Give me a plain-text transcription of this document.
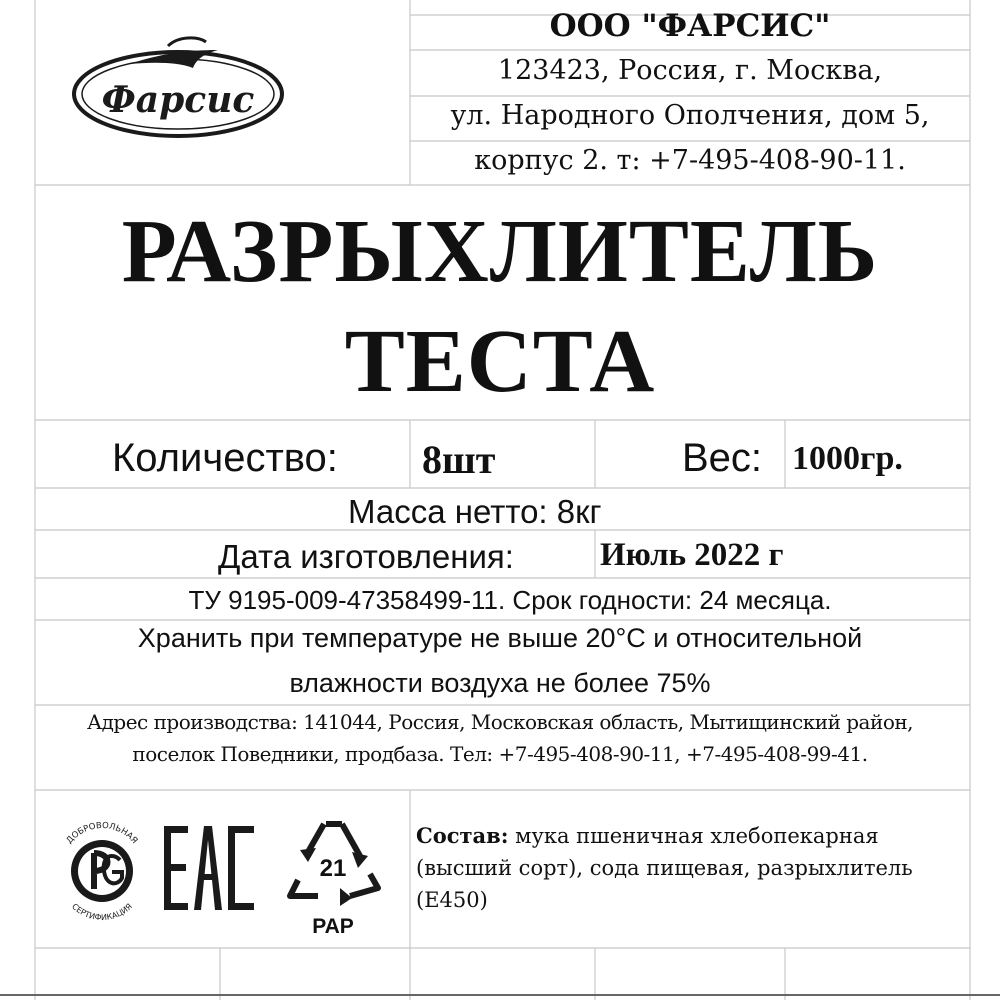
Фарсис
ООО "ФАРСИС"
123423, Россия, г. Москва,
ул. Народного Ополчения, дом 5,
корпус 2. т: +7-495-408-90-11.
РАЗРЫХЛИТЕЛЬ
ТЕСТА
Количество: 8шт	Вес: 1000гр.
Масса нетто: 8кг
Дата изготовления:	Июль 2022 г
ТУ 9195-009-47358499-11. Срок годности: 24 месяца.
Хранить при температуре не выше 20°С и относительной
влажности воздуха не более 75%
Адрес производства: 141044, Россия, Московская область, Мытищинский район,
поселок Поведники, продбаза. Тел: +7-495-408-90-11, +7-495-408-99-41.
ДОБРОВОЛЬНАЯ
СЕРТИФИКАЦИЯ
21
PAP
Состав: мука пшеничная хлебопекарная (высший сорт), сода пищевая, разрыхлитель (Е450)
